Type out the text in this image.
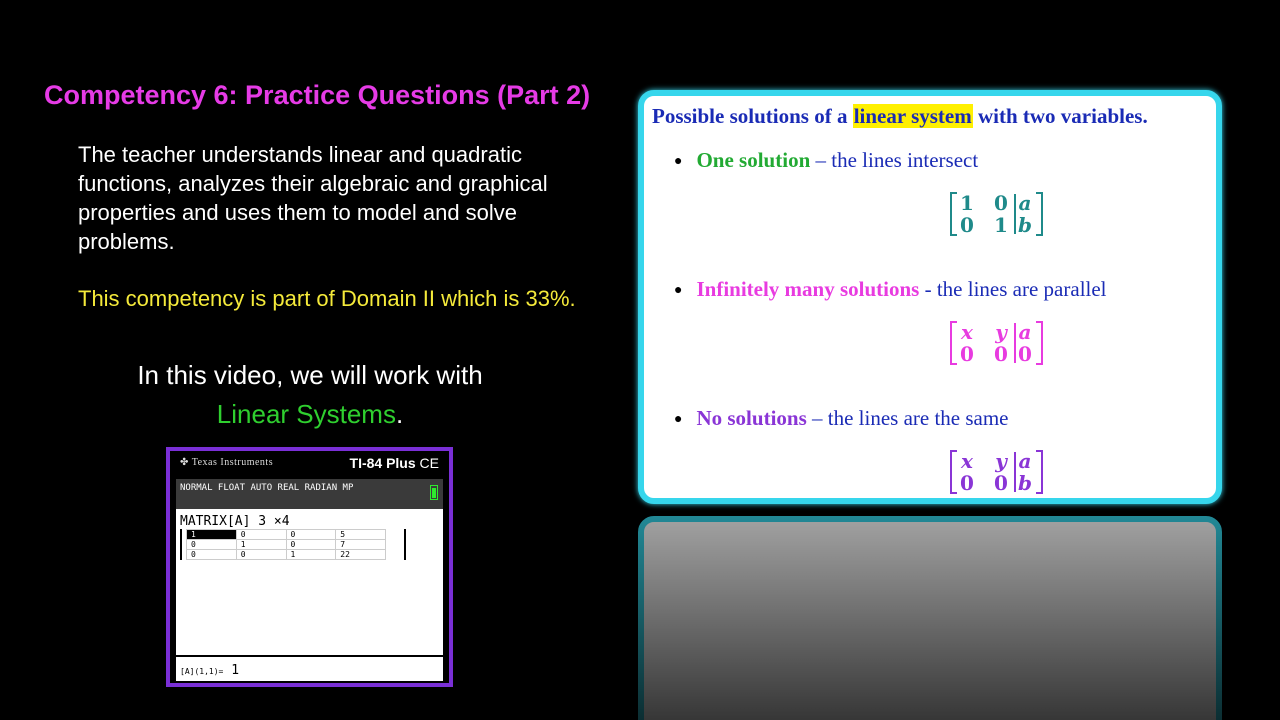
Competency 6: Practice Questions (Part 2)
The teacher understands linear and quadratic functions, analyzes their algebraic and graphical properties and uses them to model and solve problems.
This competency is part of Domain II which is 33%.
In this video, we will work with
Linear Systems.
✤ Texas Instruments	TI-84 Plus CE
NORMAL FLOAT AUTO REAL RADIAN MP
MATRIX[A] 3 ×4
1	0	0	5
0	1	0	7
0	0	1	22
[A](1,1)= 1
Possible solutions of a linear system with two variables.
● One solution – the lines intersect
1 0 a
0 1 b
● Infinitely many solutions - the lines are parallel
x y a
0 0 0
● No solutions – the lines are the same
x y a
0 0 b
